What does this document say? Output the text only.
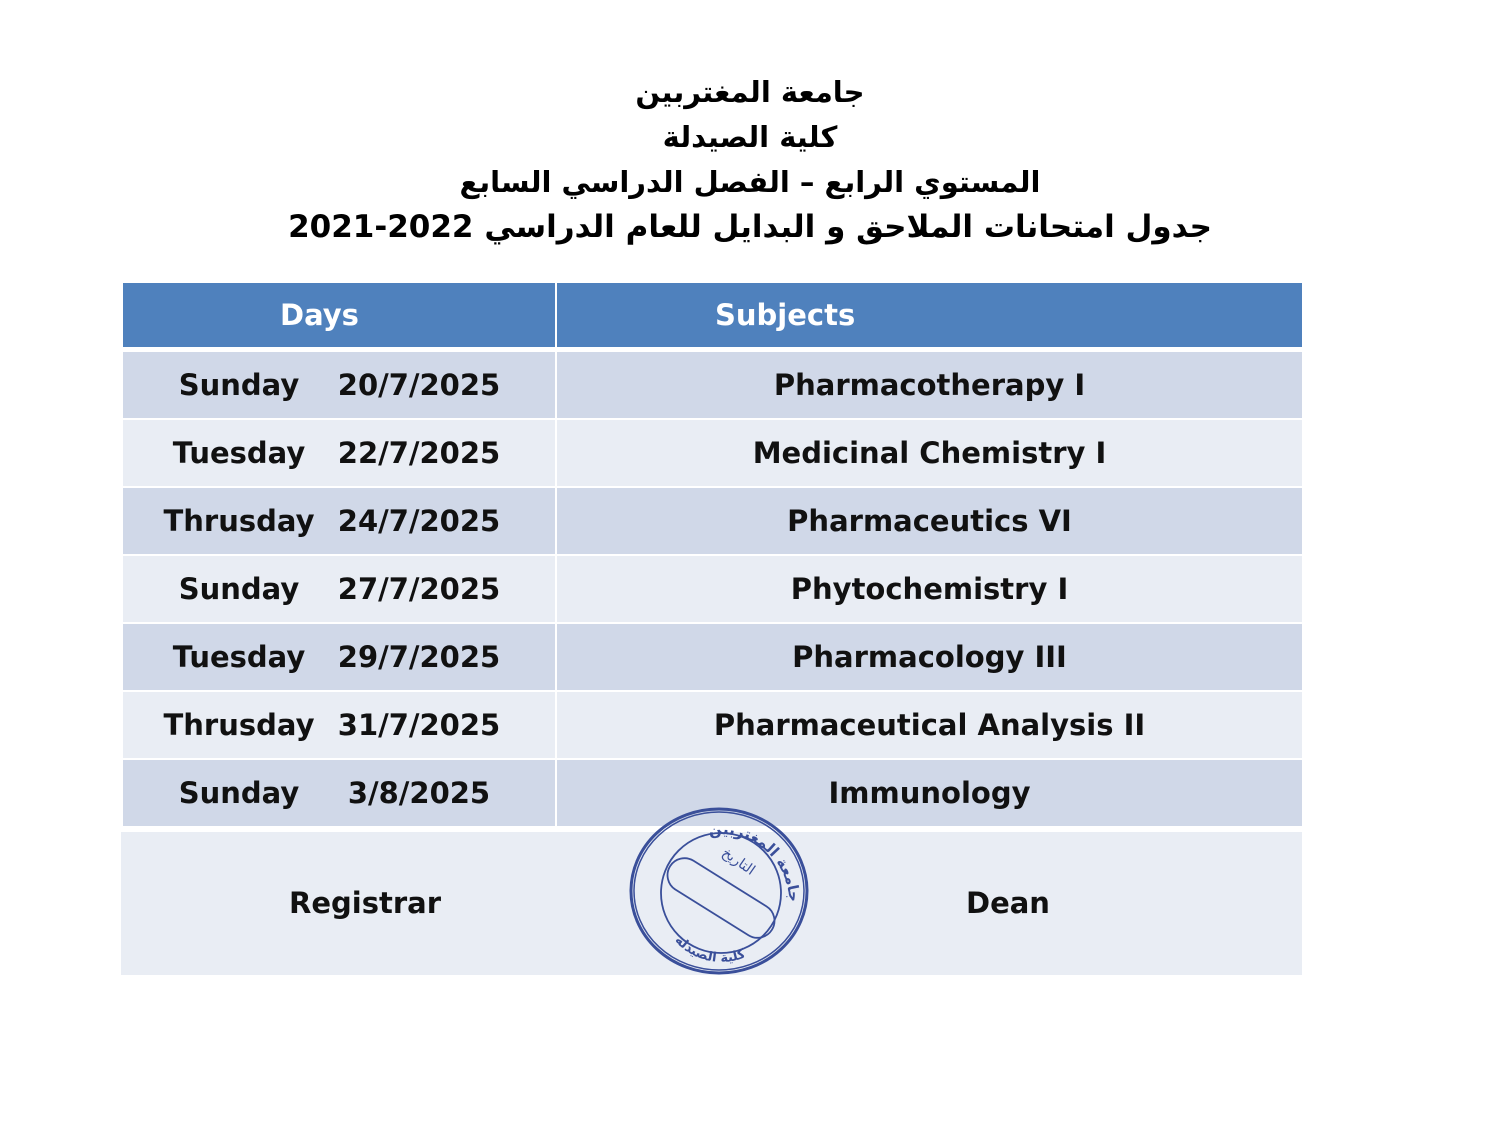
جامعة المغتربين
كلية الصيدلة
المستوي الرابع – الفصل الدراسي السابع
جدول امتحانات الملاحق و البدايل للعام الدراسي 2021-2022
Days	Subjects
Sunday 20/7/2025	Pharmacotherapy I
Tuesday 22/7/2025	Medicinal Chemistry I
Thrusday 24/7/2025	Pharmaceutics VI
Sunday 27/7/2025	Phytochemistry I
Tuesday 29/7/2025	Pharmacology III
Thrusday 31/7/2025	Pharmaceutical Analysis II
Sunday 3/8/2025	Immunology
Registrar	Dean
جامعة المغتربين
التاريخ
كلية الصيدلة
